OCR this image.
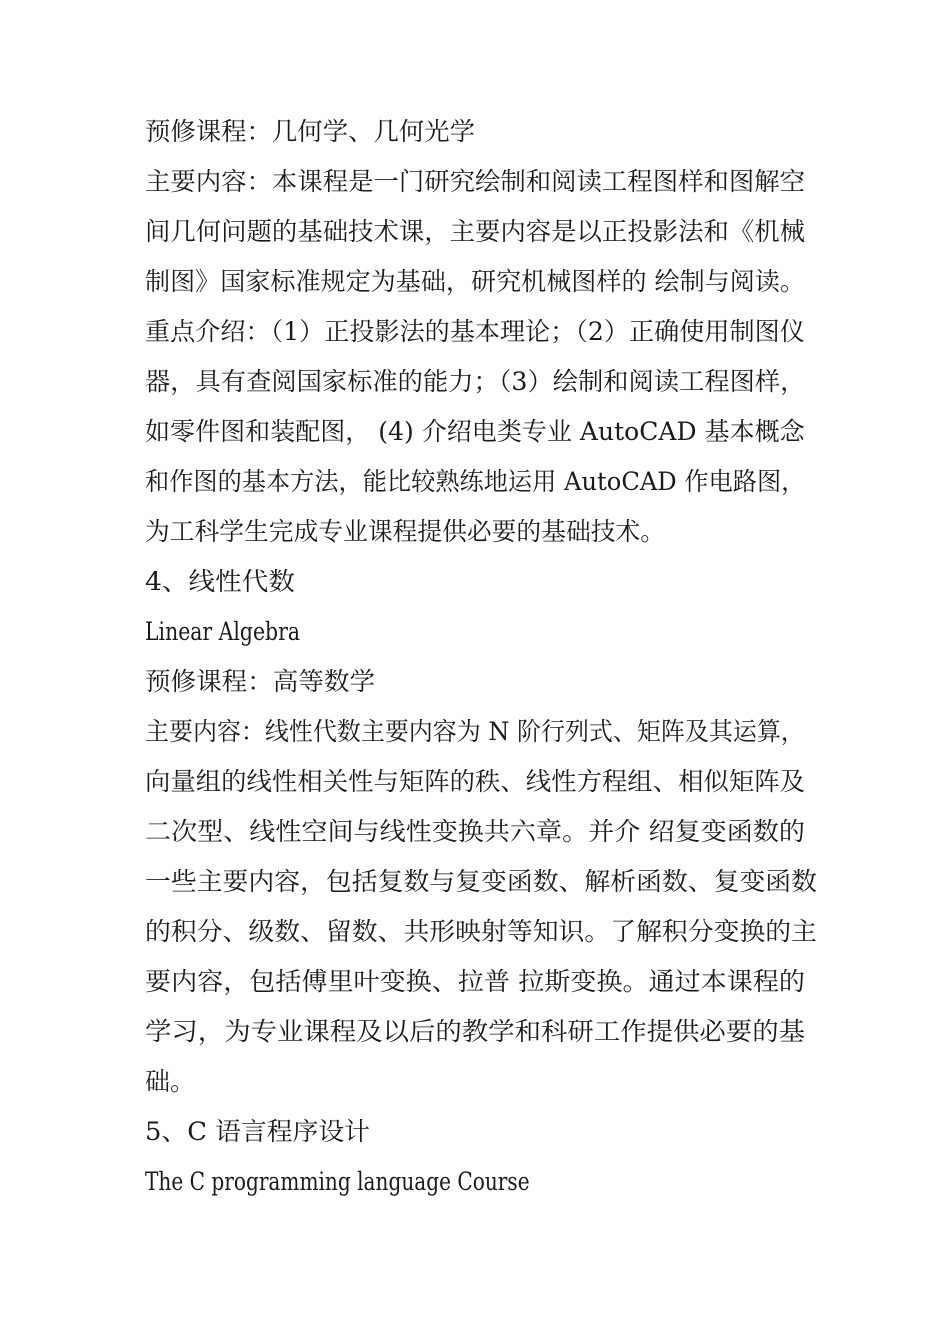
预修课程：几何学、几何光学
主要内容：本课程是一门研究绘制和阅读工程图样和图解空
间几何问题的基础技术课，主要内容是以正投影法和《机械
制图》国家标准规定为基础，研究机械图样的 绘制与阅读。
重点介绍：（1）正投影法的基本理论；（2）正确使用制图仪
器，具有查阅国家标准的能力；（3）绘制和阅读工程图样，
如零件图和装配图， (4) 介绍电类专业 AutoCAD 基本概念
和作图的基本方法，能比较熟练地运用 AutoCAD 作电路图，
为工科学生完成专业课程提供必要的基础技术。
4、线性代数
Linear Algebra
预修课程：高等数学
主要内容：线性代数主要内容为 N 阶行列式、矩阵及其运算，
向量组的线性相关性与矩阵的秩、线性方程组、相似矩阵及
二次型、线性空间与线性变换共六章。并介 绍复变函数的
一些主要内容，包括复数与复变函数、解析函数、复变函数
的积分、级数、留数、共形映射等知识。了解积分变换的主
要内容，包括傅里叶变换、拉普 拉斯变换。通过本课程的
学习，为专业课程及以后的教学和科研工作提供必要的基
础。
5、C 语言程序设计
The C programming language Course
